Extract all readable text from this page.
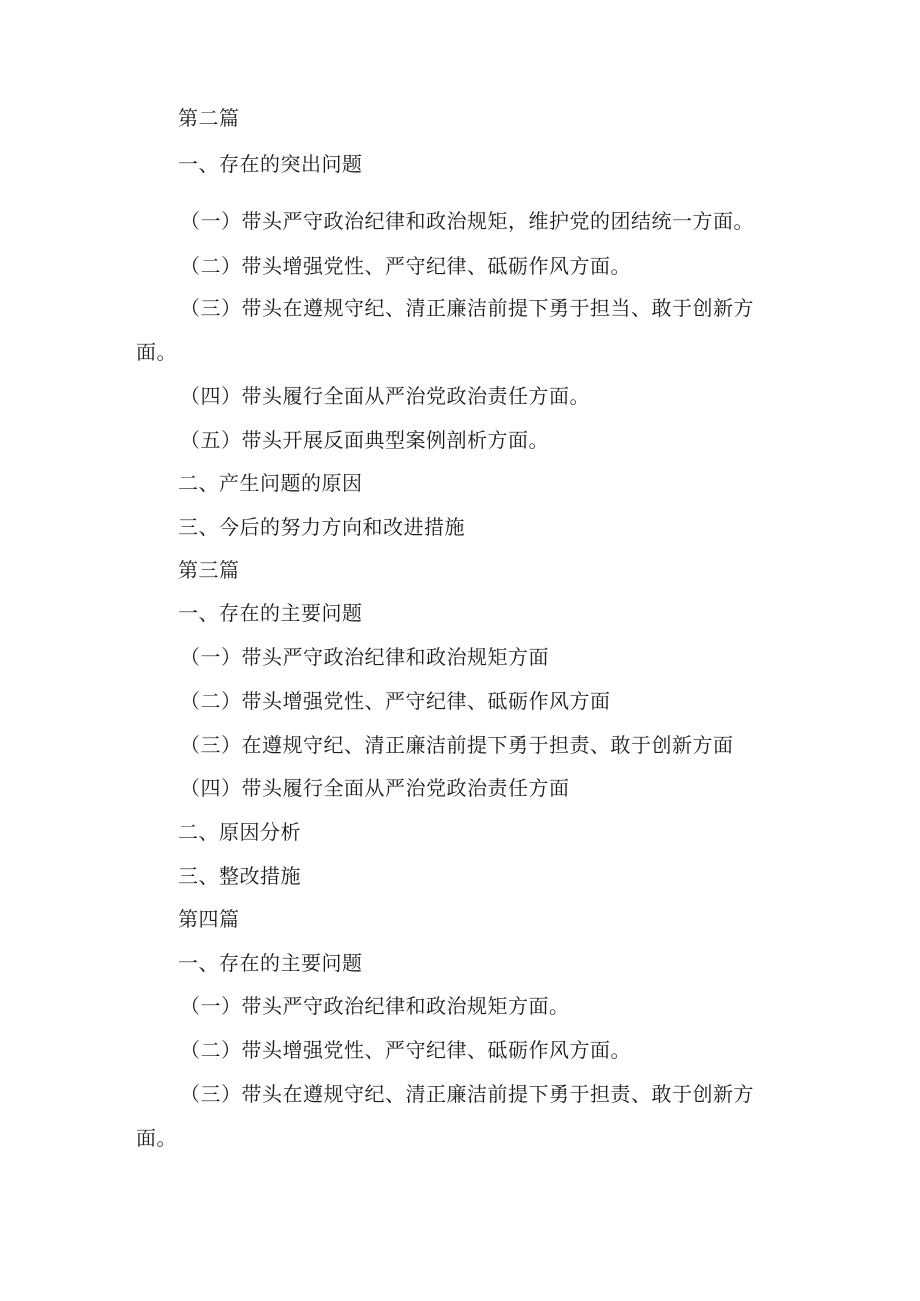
第二篇
一、存在的突出问题
（一）带头严守政治纪律和政治规矩，维护党的团结统一方面。
（二）带头增强党性、严守纪律、砥砺作风方面。
（三）带头在遵规守纪、清正廉洁前提下勇于担当、敢于创新方
面。
（四）带头履行全面从严治党政治责任方面。
（五）带头开展反面典型案例剖析方面。
二、产生问题的原因
三、今后的努力方向和改进措施
第三篇
一、存在的主要问题
（一）带头严守政治纪律和政治规矩方面
（二）带头增强党性、严守纪律、砥砺作风方面
（三）在遵规守纪、清正廉洁前提下勇于担责、敢于创新方面
（四）带头履行全面从严治党政治责任方面
二、原因分析
三、整改措施
第四篇
一、存在的主要问题
（一）带头严守政治纪律和政治规矩方面。
（二）带头增强党性、严守纪律、砥砺作风方面。
（三）带头在遵规守纪、清正廉洁前提下勇于担责、敢于创新方
面。
